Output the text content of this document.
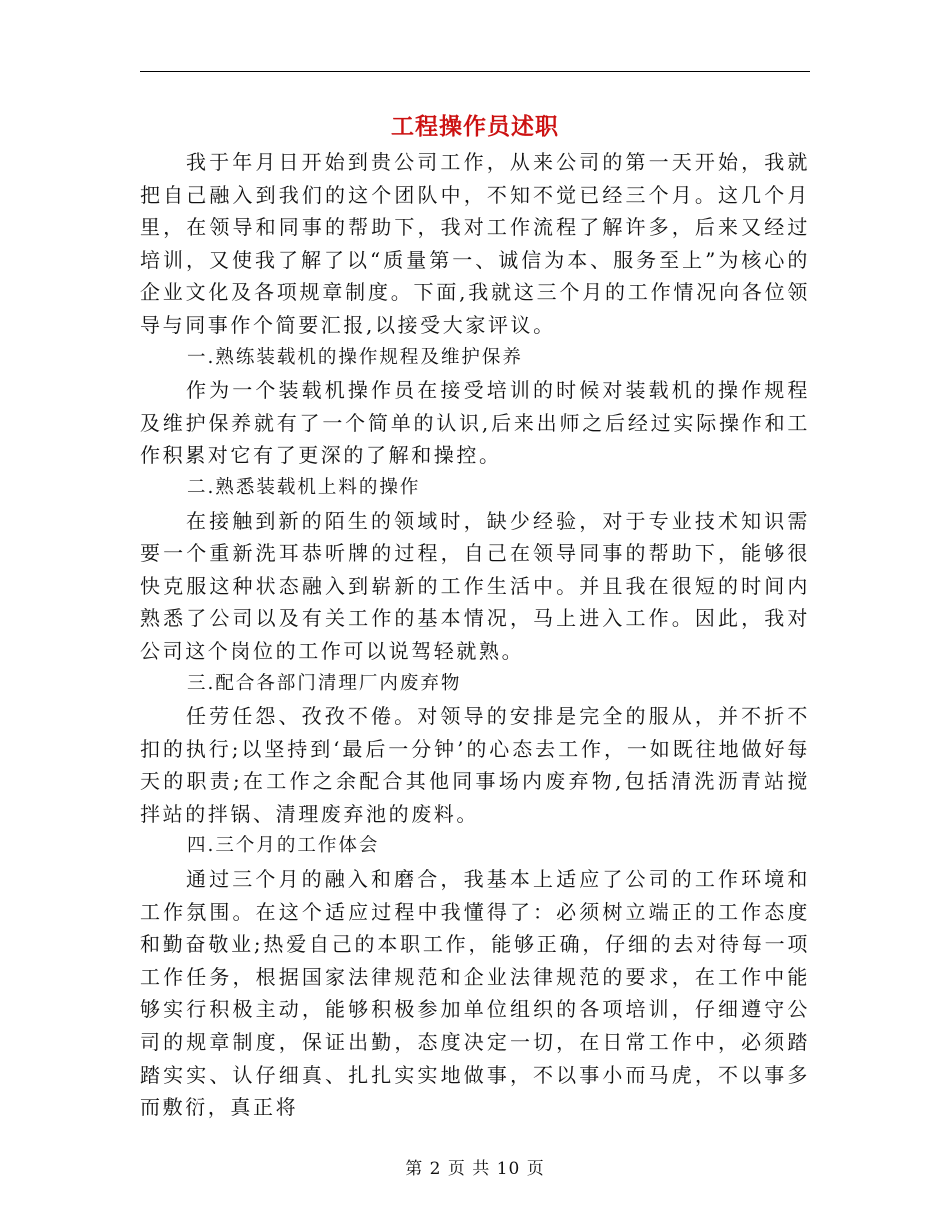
工程操作员述职

我于年月日开始到贵公司工作，从来公司的第一天开始，我就把自己融入到我们的这个团队中，不知不觉已经三个月。这几个月里，在领导和同事的帮助下，我对工作流程了解许多，后来又经过培训，又使我了解了以“质量第一、诚信为本、服务至上”为核心的企业文化及各项规章制度。下面,我就这三个月的工作情况向各位领导与同事作个简要汇报,以接受大家评议。

一.熟练装载机的操作规程及维护保养

作为一个装载机操作员在接受培训的时候对装载机的操作规程及维护保养就有了一个简单的认识,后来出师之后经过实际操作和工作积累对它有了更深的了解和操控。

二.熟悉装载机上料的操作

在接触到新的陌生的领域时，缺少经验，对于专业技术知识需要一个重新洗耳恭听牌的过程，自己在领导同事的帮助下，能够很快克服这种状态融入到崭新的工作生活中。并且我在很短的时间内熟悉了公司以及有关工作的基本情况，马上进入工作。因此，我对公司这个岗位的工作可以说驾轻就熟。

三.配合各部门清理厂内废弃物

任劳任怨、孜孜不倦。对领导的安排是完全的服从，并不折不扣的执行;以坚持到‘最后一分钟’的心态去工作，一如既往地做好每天的职责;在工作之余配合其他同事场内废弃物,包括清洗沥青站搅拌站的拌锅、清理废弃池的废料。

四.三个月的工作体会

通过三个月的融入和磨合，我基本上适应了公司的工作环境和工作氛围。在这个适应过程中我懂得了：必须树立端正的工作态度和勤奋敬业;热爱自己的本职工作，能够正确，仔细的去对待每一项工作任务，根据国家法律规范和企业法律规范的要求，在工作中能够实行积极主动，能够积极参加单位组织的各项培训，仔细遵守公司的规章制度，保证出勤，态度决定一切，在日常工作中，必须踏踏实实、认仔细真、扎扎实实地做事，不以事小而马虎，不以事多而敷衍，真正将

第 2 页 共 10 页
